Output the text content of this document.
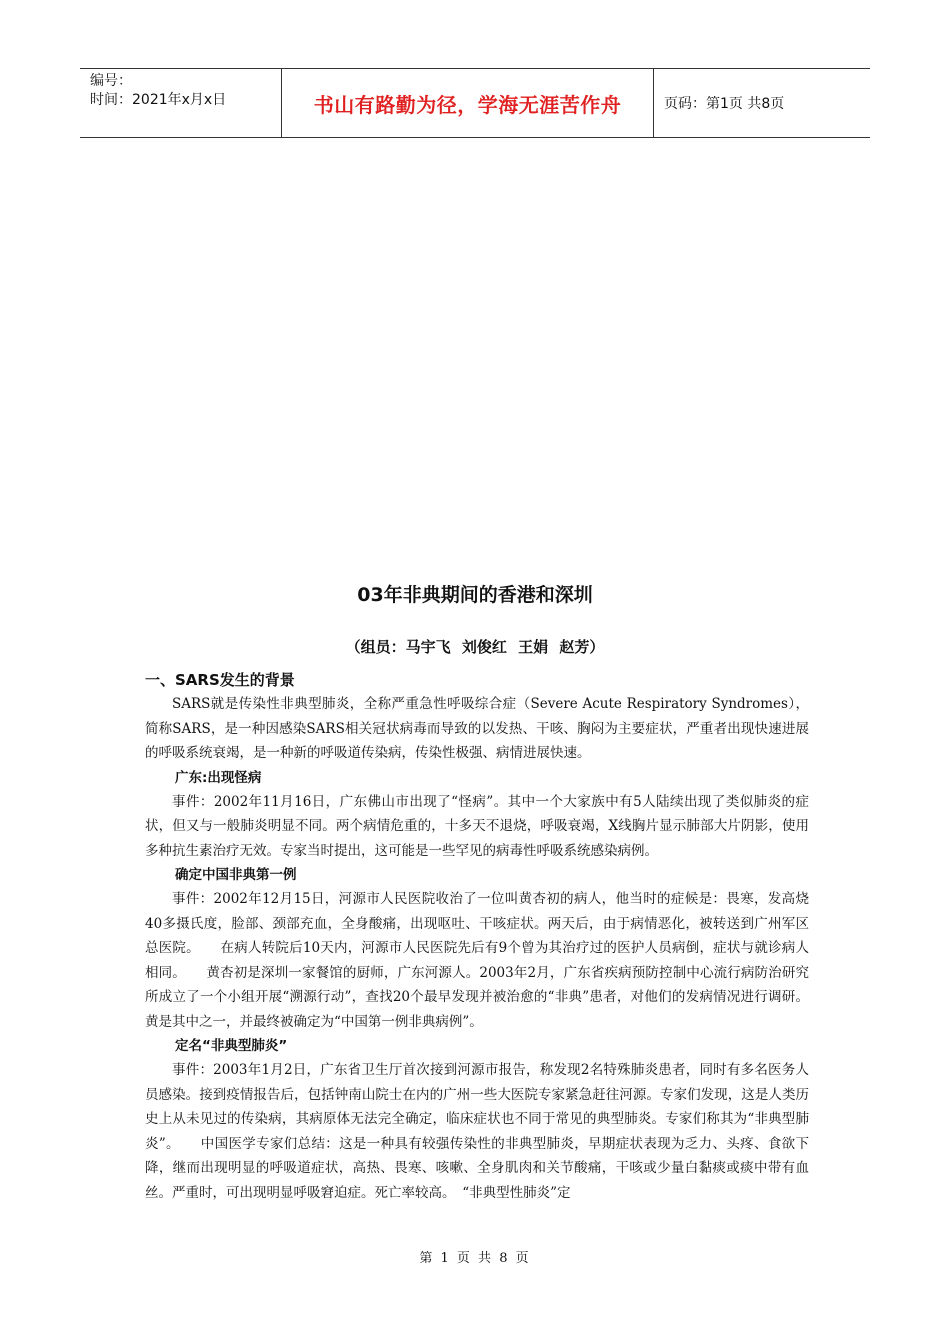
编号：
时间：2021年x月x日	书山有路勤为径，学海无涯苦作舟	页码：第1页 共8页
03年非典期间的香港和深圳
（组员：马宇飞 刘俊红 王娟 赵芳）
一、SARS发生的背景

SARS就是传染性非典型肺炎，全称严重急性呼吸综合症（Severe Acute Respiratory Syndromes），简称SARS，是一种因感染SARS相关冠状病毒而导致的以发热、干咳、胸闷为主要症状，严重者出现快速进展的呼吸系统衰竭，是一种新的呼吸道传染病，传染性极强、病情进展快速。

广东:出现怪病

事件：2002年11月16日，广东佛山市出现了“怪病”。其中一个大家族中有5人陆续出现了类似肺炎的症状，但又与一般肺炎明显不同。两个病情危重的，十多天不退烧，呼吸衰竭，X线胸片显示肺部大片阴影，使用多种抗生素治疗无效。专家当时提出，这可能是一些罕见的病毒性呼吸系统感染病例。

确定中国非典第一例

事件：2002年12月15日，河源市人民医院收治了一位叫黄杏初的病人，他当时的症候是：畏寒，发高烧40多摄氏度，脸部、颈部充血，全身酸痛，出现呕吐、干咳症状。两天后，由于病情恶化，被转送到广州军区总医院。　　在病人转院后10天内，河源市人民医院先后有9个曾为其治疗过的医护人员病倒，症状与就诊病人相同。　　黄杏初是深圳一家餐馆的厨师，广东河源人。2003年2月，广东省疾病预防控制中心流行病防治研究所成立了一个小组开展“溯源行动”，查找20个最早发现并被治愈的“非典”患者，对他们的发病情况进行调研。黄是其中之一，并最终被确定为“中国第一例非典病例”。

定名“非典型肺炎”

事件：2003年1月2日，广东省卫生厅首次接到河源市报告，称发现2名特殊肺炎患者，同时有多名医务人员感染。接到疫情报告后，包括钟南山院士在内的广州一些大医院专家紧急赶往河源。专家们发现，这是人类历史上从未见过的传染病，其病原体无法完全确定，临床症状也不同于常见的典型肺炎。专家们称其为“非典型肺炎”。　　中国医学专家们总结：这是一种具有较强传染性的非典型肺炎，早期症状表现为乏力、头疼、食欲下降，继而出现明显的呼吸道症状，高热、畏寒、咳嗽、全身肌肉和关节酸痛，干咳或少量白黏痰或痰中带有血丝。严重时，可出现明显呼吸窘迫症。死亡率较高。　“非典型性肺炎”定

第 1 页 共 8 页
